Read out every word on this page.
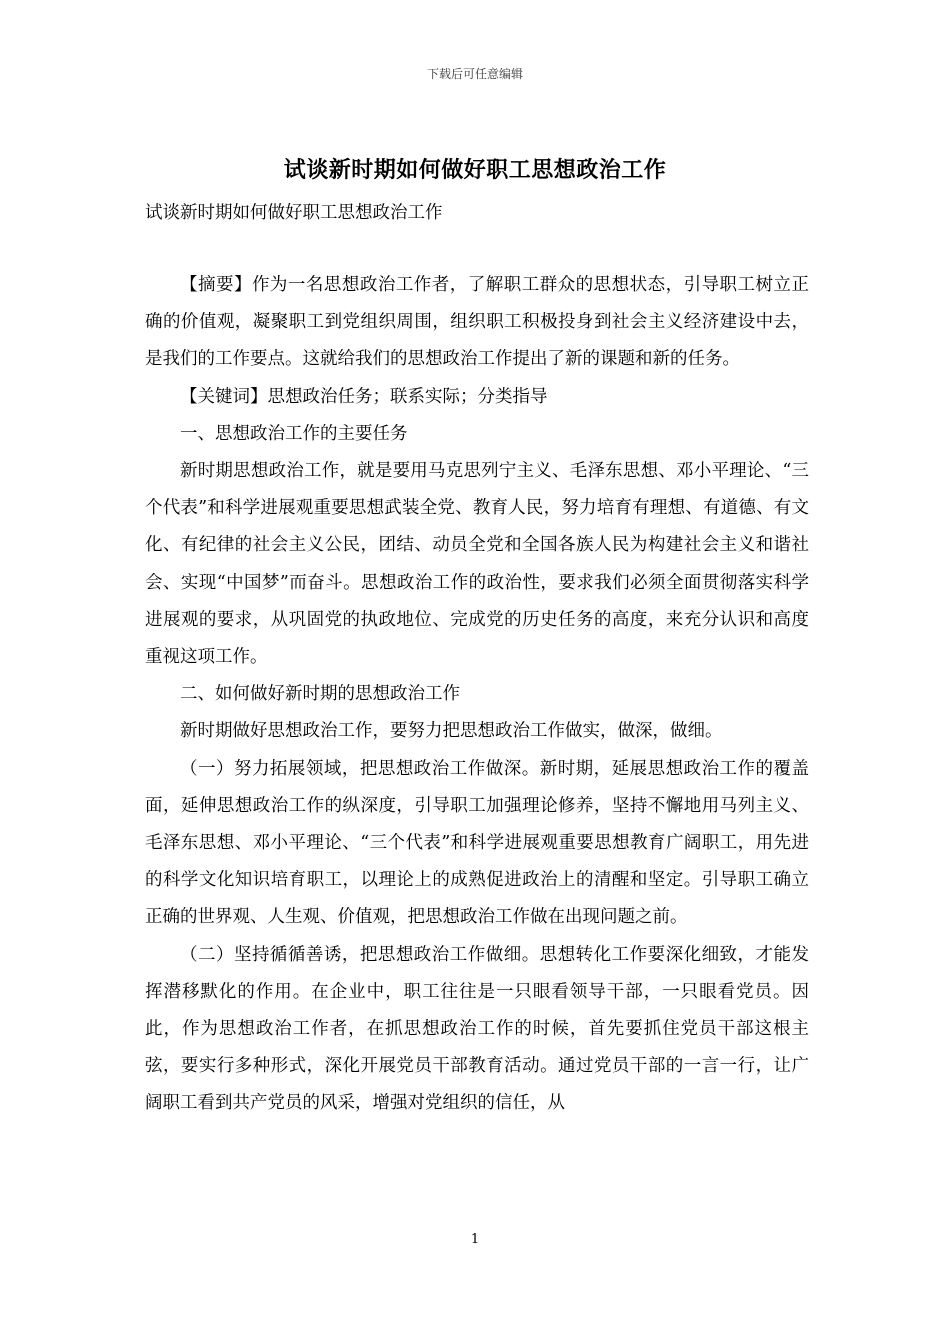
下载后可任意编辑
试谈新时期如何做好职工思想政治工作
试谈新时期如何做好职工思想政治工作

【摘要】作为一名思想政治工作者，了解职工群众的思想状态，引导职工树立正确的价值观，凝聚职工到党组织周围，组织职工积极投身到社会主义经济建设中去，是我们的工作要点。这就给我们的思想政治工作提出了新的课题和新的任务。

【关键词】思想政治任务；联系实际；分类指导

一、思想政治工作的主要任务

新时期思想政治工作，就是要用马克思列宁主义、毛泽东思想、邓小平理论、“三个代表”和科学进展观重要思想武装全党、教育人民，努力培育有理想、有道德、有文化、有纪律的社会主义公民，团结、动员全党和全国各族人民为构建社会主义和谐社会、实现“中国梦”而奋斗。思想政治工作的政治性，要求我们必须全面贯彻落实科学进展观的要求，从巩固党的执政地位、完成党的历史任务的高度，来充分认识和高度重视这项工作。

二、如何做好新时期的思想政治工作

新时期做好思想政治工作，要努力把思想政治工作做实，做深，做细。

（一）努力拓展领域，把思想政治工作做深。新时期，延展思想政治工作的覆盖面，延伸思想政治工作的纵深度，引导职工加强理论修养，坚持不懈地用马列主义、毛泽东思想、邓小平理论、“三个代表”和科学进展观重要思想教育广阔职工，用先进的科学文化知识培育职工，以理论上的成熟促进政治上的清醒和坚定。引导职工确立正确的世界观、人生观、价值观，把思想政治工作做在出现问题之前。

（二）坚持循循善诱，把思想政治工作做细。思想转化工作要深化细致，才能发挥潜移默化的作用。在企业中，职工往往是一只眼看领导干部，一只眼看党员。因此，作为思想政治工作者，在抓思想政治工作的时候，首先要抓住党员干部这根主弦，要实行多种形式，深化开展党员干部教育活动。通过党员干部的一言一行，让广阔职工看到共产党员的风采，增强对党组织的信任，从

1
